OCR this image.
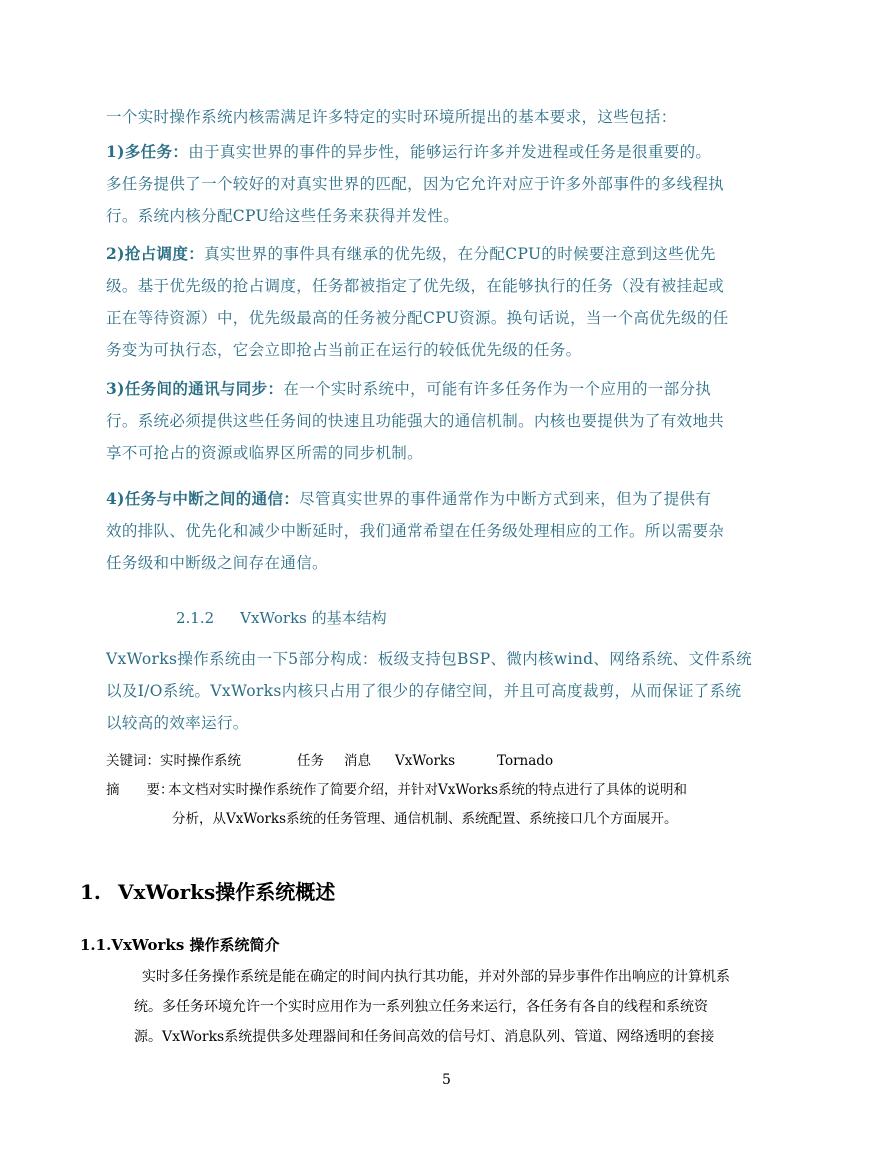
一个实时操作系统内核需满足许多特定的实时环境所提出的基本要求，这些包括：
1)多任务：由于真实世界的事件的异步性，能够运行许多并发进程或任务是很重要的。
多任务提供了一个较好的对真实世界的匹配，因为它允许对应于许多外部事件的多线程执
行。系统内核分配CPU给这些任务来获得并发性。
2)抢占调度：真实世界的事件具有继承的优先级，在分配CPU的时候要注意到这些优先
级。基于优先级的抢占调度，任务都被指定了优先级，在能够执行的任务（没有被挂起或
正在等待资源）中，优先级最高的任务被分配CPU资源。换句话说，当一个高优先级的任
务变为可执行态，它会立即抢占当前正在运行的较低优先级的任务。
3)任务间的通讯与同步：在一个实时系统中，可能有许多任务作为一个应用的一部分执
行。系统必须提供这些任务间的快速且功能强大的通信机制。内核也要提供为了有效地共
享不可抢占的资源或临界区所需的同步机制。
4)任务与中断之间的通信：尽管真实世界的事件通常作为中断方式到来，但为了提供有
效的排队、优先化和减少中断延时，我们通常希望在任务级处理相应的工作。所以需要杂
任务级和中断级之间存在通信。
2.1.2 VxWorks 的基本结构
VxWorks操作系统由一下5部分构成：板级支持包BSP、微内核wind、网络系统、文件系统
以及I/O系统。VxWorks内核只占用了很少的存储空间，并且可高度裁剪，从而保证了系统
以较高的效率运行。
关键词：实时操作系统	任务 消息 VxWorks	Tornado
摘　　要：本文档对实时操作系统作了简要介绍，并针对VxWorks系统的特点进行了具体的说明和
分析，从VxWorks系统的任务管理、通信机制、系统配置、系统接口几个方面展开。
1. VxWorks操作系统概述
1.1.VxWorks 操作系统简介
实时多任务操作系统是能在确定的时间内执行其功能，并对外部的异步事件作出响应的计算机系
统。多任务环境允许一个实时应用作为一系列独立任务来运行，各任务有各自的线程和系统资
源。VxWorks系统提供多处理器间和任务间高效的信号灯、消息队列、管道、网络透明的套接
5
